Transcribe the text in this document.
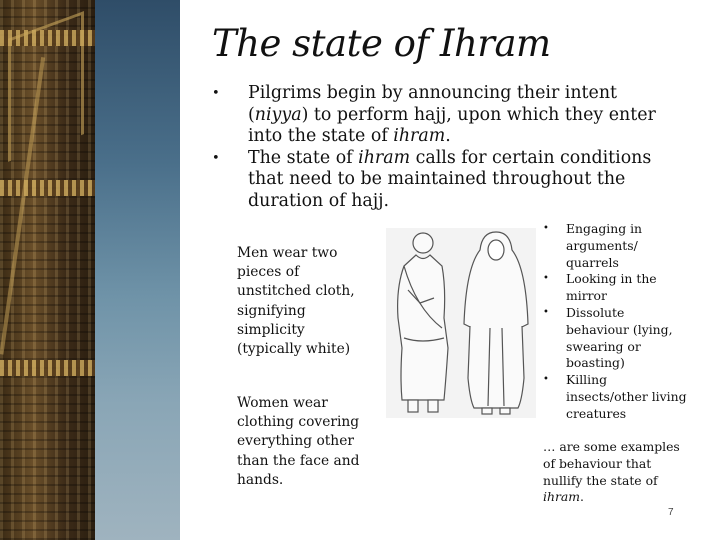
The state of Ihram
• Pilgrims begin by announcing their intent (niyya) to perform hajj, upon which they enter into the state of ihram.
• The state of ihram calls for certain conditions that need to be maintained throughout the duration of hajj.
Men wear two pieces of unstitched cloth, signifying simplicity (typically white)
Women wear clothing covering everything other than the face and hands.
• Engaging in arguments/ quarrels
• Looking in the mirror
• Dissolute behaviour (lying, swearing or boasting)
• Killing insects/other living creatures
… are some examples of behaviour that nullify the state of ihram.
7
